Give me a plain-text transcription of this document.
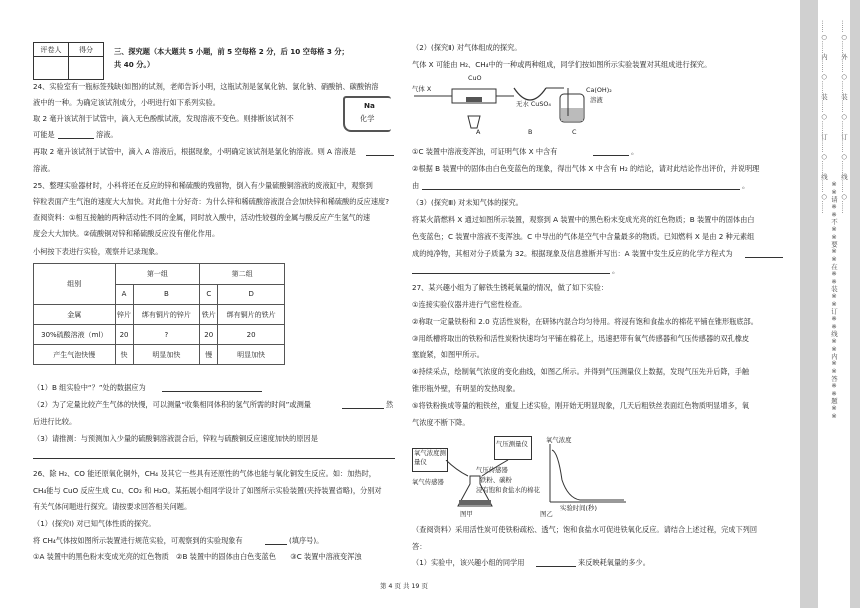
评卷人	得分
		三、探究题（本大题共 5 小题，前 5 空每格 2 分，后 10 空每格 3 分；
共 40 分。）
24、实验室有一瓶标签残缺(如图)的试剂，老师告诉小明，这瓶试剂是氢氧化钠、氯化钠、硝酸钠、碳酸钠溶
液中的一种。为确定该试剂成分，小明进行如下系列实验。
取 2 毫升该试剂于试管中，滴入无色酚酞试液，发现溶液不变色。则排断该试剂不
可能是	溶液。
Na
化学
再取 2 毫升该试剂于试管中，滴入 A 溶液后，根据现象，小明确定该试剂是氯化钠溶液。则 A 溶液是
溶液。
25、整理实验器材时，小科将还在反应的锌和稀硫酸的残留物，倒入有少量硫酸铜溶液的废液缸中，观察到
锌粒表面产生气泡的速度大大加快。对此他十分好奇：为什么锌和稀硫酸溶液混合会加快锌和稀硫酸的反应速度?
查阅资料：①相互接触的两种活动性不同的金属，同时放入酸中，活动性较强的金属与酸反应产生氢气的速
度会大大加快。②硫酸铜对锌和稀硫酸反应没有催化作用。
小柯按下表进行实验，观察并记录现象。
组别	第一组		第二组	
	A	B	C	D
金属	锌片	绑有铜片的锌片	铁片	绑有铜片的铁片
30%硫酸溶液（ml）	20	?	20	20
产生气泡快慢	快	明显加快	慢	明显加快
（1）B 组实验中“？”处的数据应为
（2）为了定量比较产生气体的快慢，可以测量“收集相同体积的氢气所需的时间”或测量	然
后进行比较。
（3）请推测：与预测加入少量的硫酸铜溶液混合后，锌粒与硫酸铜反应速度加快的原因是
26、除 H₂、CO 能还原氧化铜外，CH₄ 及其它一些具有还原性的气体也能与氧化铜发生反应。如：加热时，
CH₄能与 CuO 反应生成 Cu、CO₂ 和 H₂O。某拓展小组同学设计了如图所示实验装置(夹持装置省略)，分别对
有关气体问题进行探究。请按要求回答相关问题。
（1）(探究Ⅰ) 对已知气体性质的探究。
将 CH₄气体按如图所示装置进行规范实验，可观察到的实验现象有	(填序号)。
①A 装置中的黑色粉末变成光亮的红色物质　②B 装置中的固体由白色变蓝色　　③C 装置中溶液变浑浊
第 4 页 共 19 页
（2）(探究Ⅱ) 对气体组成的探究。
气体 X 可能由 H₂、CH₄中的一种或两种组成，同学们按如图所示实验装置对其组成进行探究。
气体 X
CuO
无水 CuSO₄
Ca(OH)₂
溶液
A	B	C
①C 装置中溶液变浑浊，可证明气体 X 中含有	。
②根据 B 装置中的固体由白色变蓝色的现象，得出气体 X 中含有 H₂ 的结论，请对此结论作出评价，并说明理
由	。
（3）(探究Ⅲ) 对未知气体的探究。
将某火箭燃料 X 通过如图所示装置，观察到 A 装置中的黑色粉末变成光亮的红色物质；B 装置中的固体由白
色变蓝色；C 装置中溶液不变浑浊。C 中导出的气体是空气中含量最多的物质。已知燃料 X 是由 2 种元素组
成的纯净物，其相对分子质量为 32。根据现象及信息推断并写出：A 装置中发生反应的化学方程式为
。
27、某兴趣小组为了解铁生锈耗氧量的情况，做了如下实验：
①连接实验仪器并进行气密性检查。
②称取一定量铁粉和 2.0 克活性炭粉，在研钵内混合均匀待用。将浸有饱和食盐水的棉花平铺在锥形瓶底部。
③用纸槽将取出的铁粉和活性炭粉快速均匀平铺在棉花上，迅速把带有氧气传感器和气压传感器的双孔橡皮
塞旋紧，如图甲所示。
④持续采点，绘制氧气浓度的变化曲线，如图乙所示。并得到气压测量仪上数据，发现气压先升后降，手触
锥形瓶外壁，有明显的发热现象。
⑤将铁粉换成等量的粗铁丝，重复上述实验，刚开始无明显现象，几天后粗铁丝表面红色物质明显增多，氧
气浓度不断下降。
氧气浓度测量仪
气压测量仪
氧气传感器
气压传感器
铁粉、碳粉
浸有饱和食盐水的棉花
图甲
氧气浓度
实验时间(秒)
图乙
（查阅资料）采用活性炭可使铁粉疏松、透气；饱和食盐水可促进铁氧化反应。请结合上述过程，完成下列回
答：
（1）实验中，该兴趣小组的同学用	来反映耗氧量的多少。
……○……内……○……装……○……订……○……线……○……
※※请※※不※※要※※在※※装※※订※※线※※内※※答※※题※※
……○……外……○……装……○……订……○……线……○……
